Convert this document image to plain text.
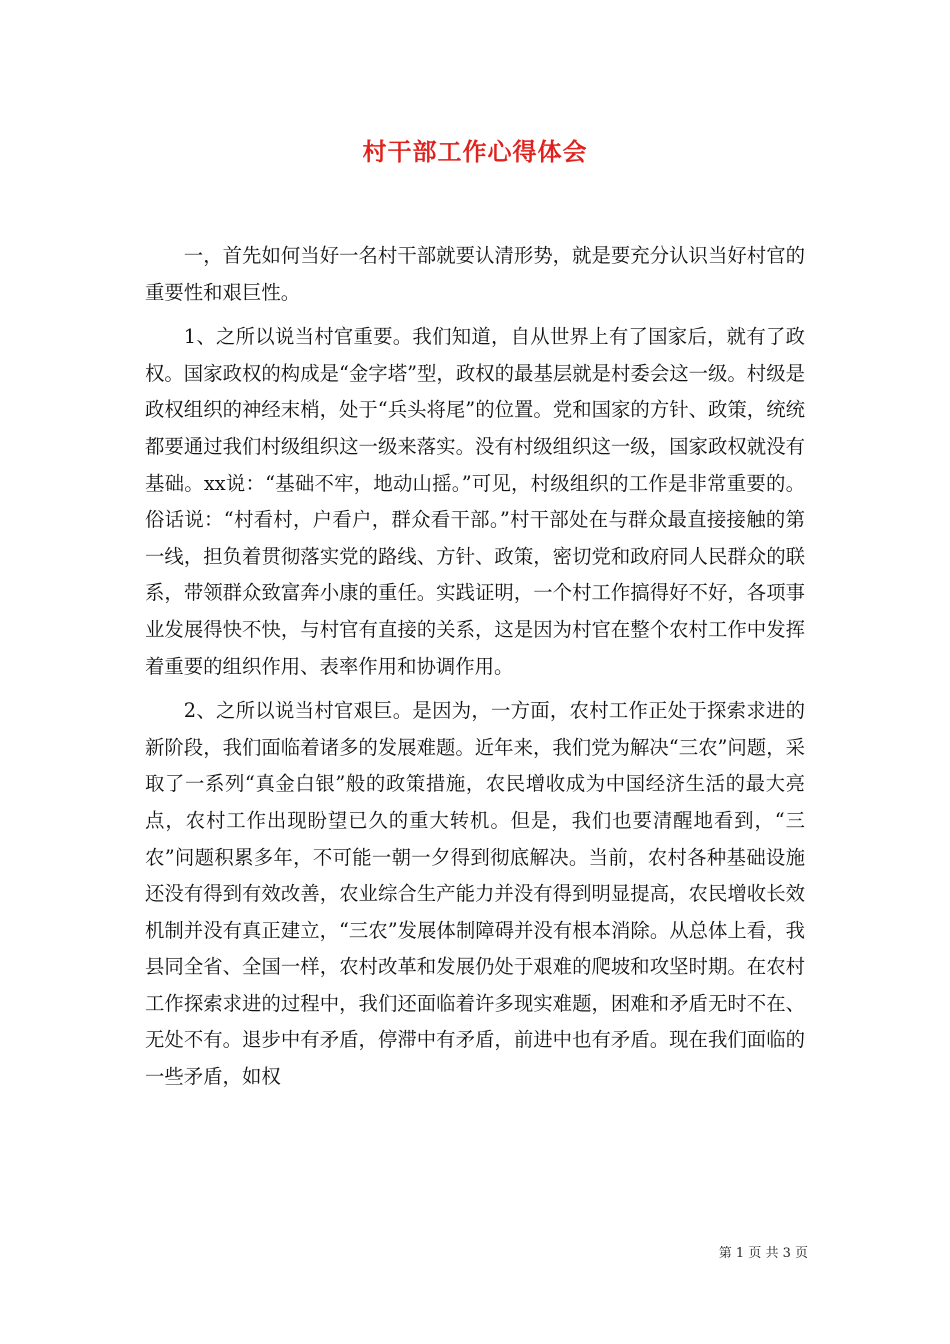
村干部工作心得体会

一，首先如何当好一名村干部就要认清形势，就是要充分认识当好村官的重要性和艰巨性。

1、之所以说当村官重要。我们知道，自从世界上有了国家后，就有了政权。国家政权的构成是“金字塔”型，政权的最基层就是村委会这一级。村级是政权组织的神经末梢，处于“兵头将尾”的位置。党和国家的方针、政策，统统都要通过我们村级组织这一级来落实。没有村级组织这一级，国家政权就没有基础。xx说：“基础不牢，地动山摇。”可见，村级组织的工作是非常重要的。俗话说：“村看村，户看户，群众看干部。”村干部处在与群众最直接接触的第一线，担负着贯彻落实党的路线、方针、政策，密切党和政府同人民群众的联系，带领群众致富奔小康的重任。实践证明，一个村工作搞得好不好，各项事业发展得快不快，与村官有直接的关系，这是因为村官在整个农村工作中发挥着重要的组织作用、表率作用和协调作用。

2、之所以说当村官艰巨。是因为，一方面，农村工作正处于探索求进的新阶段，我们面临着诸多的发展难题。近年来，我们党为解决“三农”问题，采取了一系列“真金白银”般的政策措施，农民增收成为中国经济生活的最大亮点，农村工作出现盼望已久的重大转机。但是，我们也要清醒地看到，“三农”问题积累多年，不可能一朝一夕得到彻底解决。当前，农村各种基础设施还没有得到有效改善，农业综合生产能力并没有得到明显提高，农民增收长效机制并没有真正建立，“三农”发展体制障碍并没有根本消除。从总体上看，我县同全省、全国一样，农村改革和发展仍处于艰难的爬坡和攻坚时期。在农村工作探索求进的过程中，我们还面临着许多现实难题，困难和矛盾无时不在、无处不有。退步中有矛盾，停滞中有矛盾，前进中也有矛盾。现在我们面临的一些矛盾，如权

第 1 页 共 3 页
